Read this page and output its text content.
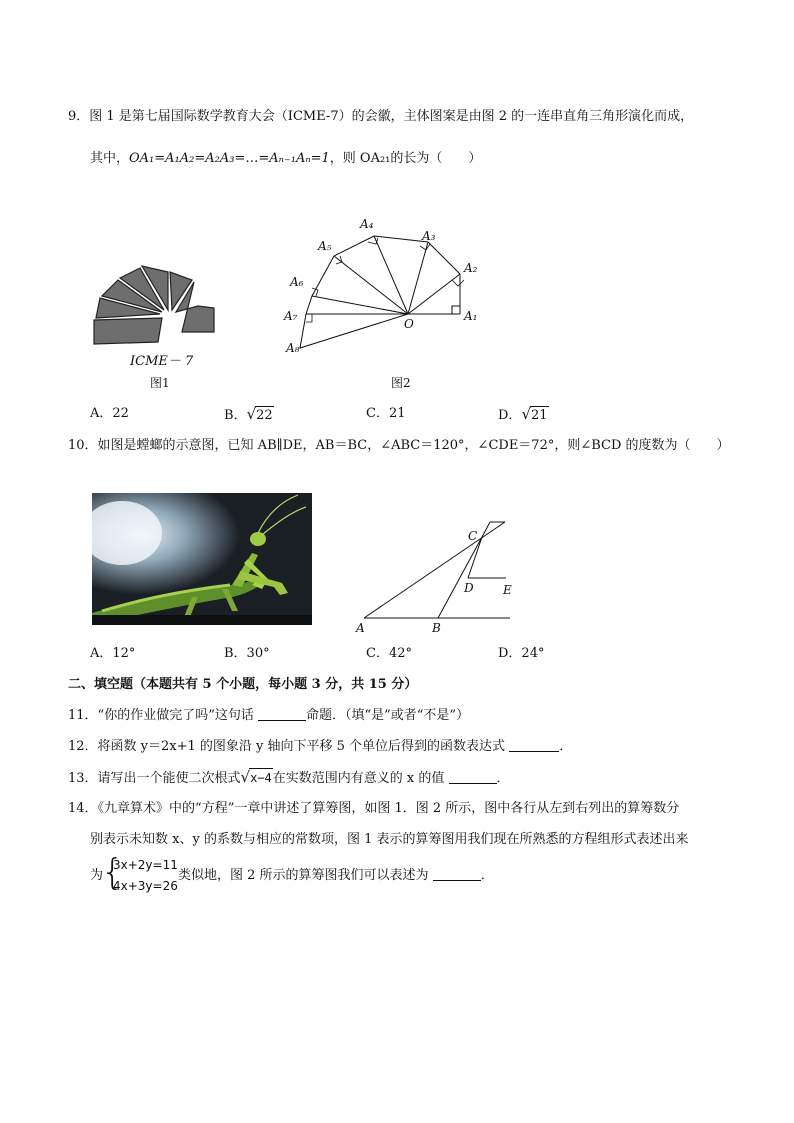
9．图 1 是第七届国际数学教育大会（ICME-7）的会徽，主体图案是由图 2 的一连串直角三角形演化而成，
其中，OA₁=A₁A₂=A₂A₃=…=Aₙ₋₁Aₙ=1，则 OA₂₁的长为（　　）
ICME－ 7
图1
A₁
A₂
A₃
A₄
A₅
A₆
A₇
A₈
O
图2
A．22	B．√22	C．21	D．√21
10．如图是螳螂的示意图，已知 AB∥DE，AB＝BC，∠ABC＝120°，∠CDE＝72°，则∠BCD 的度数为（　　）
A	B
C
D E
A．12°	B．30°	C．42°	D．24°
二、填空题（本题共有 5 个小题，每小题 3 分，共 15 分）
11．“你的作业做完了吗”这句话	命题．（填“是”或者“不是”）
12．将函数 y＝2x+1 的图象沿 y 轴向下平移 5 个单位后得到的函数表达式	．
13．请写出一个能使二次根式√x−4在实数范围内有意义的 x 的值	．
14．《九章算术》中的“方程”一章中讲述了算筹图，如图 1．图 2 所示，图中各行从左到右列出的算筹数分
别表示未知数 x、y 的系数与相应的常数项，图 1 表示的算筹图用我们现在所熟悉的方程组形式表述出来
为
{
3x+2y=11
4x+3y=26
类似地，图 2 所示的算筹图我们可以表述为	．
